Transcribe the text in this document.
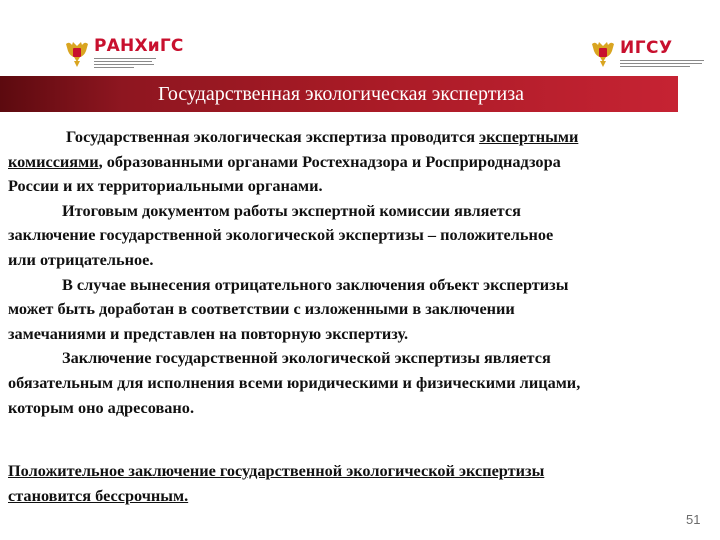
РАНХиГС	ИГСУ
Государственная экологическая экспертиза

Государственная экологическая экспертиза проводится экспертными
комиссиями, образованными органами Ростехнадзора и Росприроднадзора
России и их территориальными органами.

Итоговым документом работы экспертной комиссии является
заключение государственной экологической экспертизы – положительное
или отрицательное.

В случае вынесения отрицательного заключения объект экспертизы
может быть доработан в соответствии с изложенными в заключении
замечаниями и представлен на повторную экспертизу.

Заключение государственной экологической экспертизы является
обязательным для исполнения всеми юридическими и физическими лицами,
которым оно адресовано.

Положительное заключение государственной экологической экспертизы
становится бессрочным.
51
